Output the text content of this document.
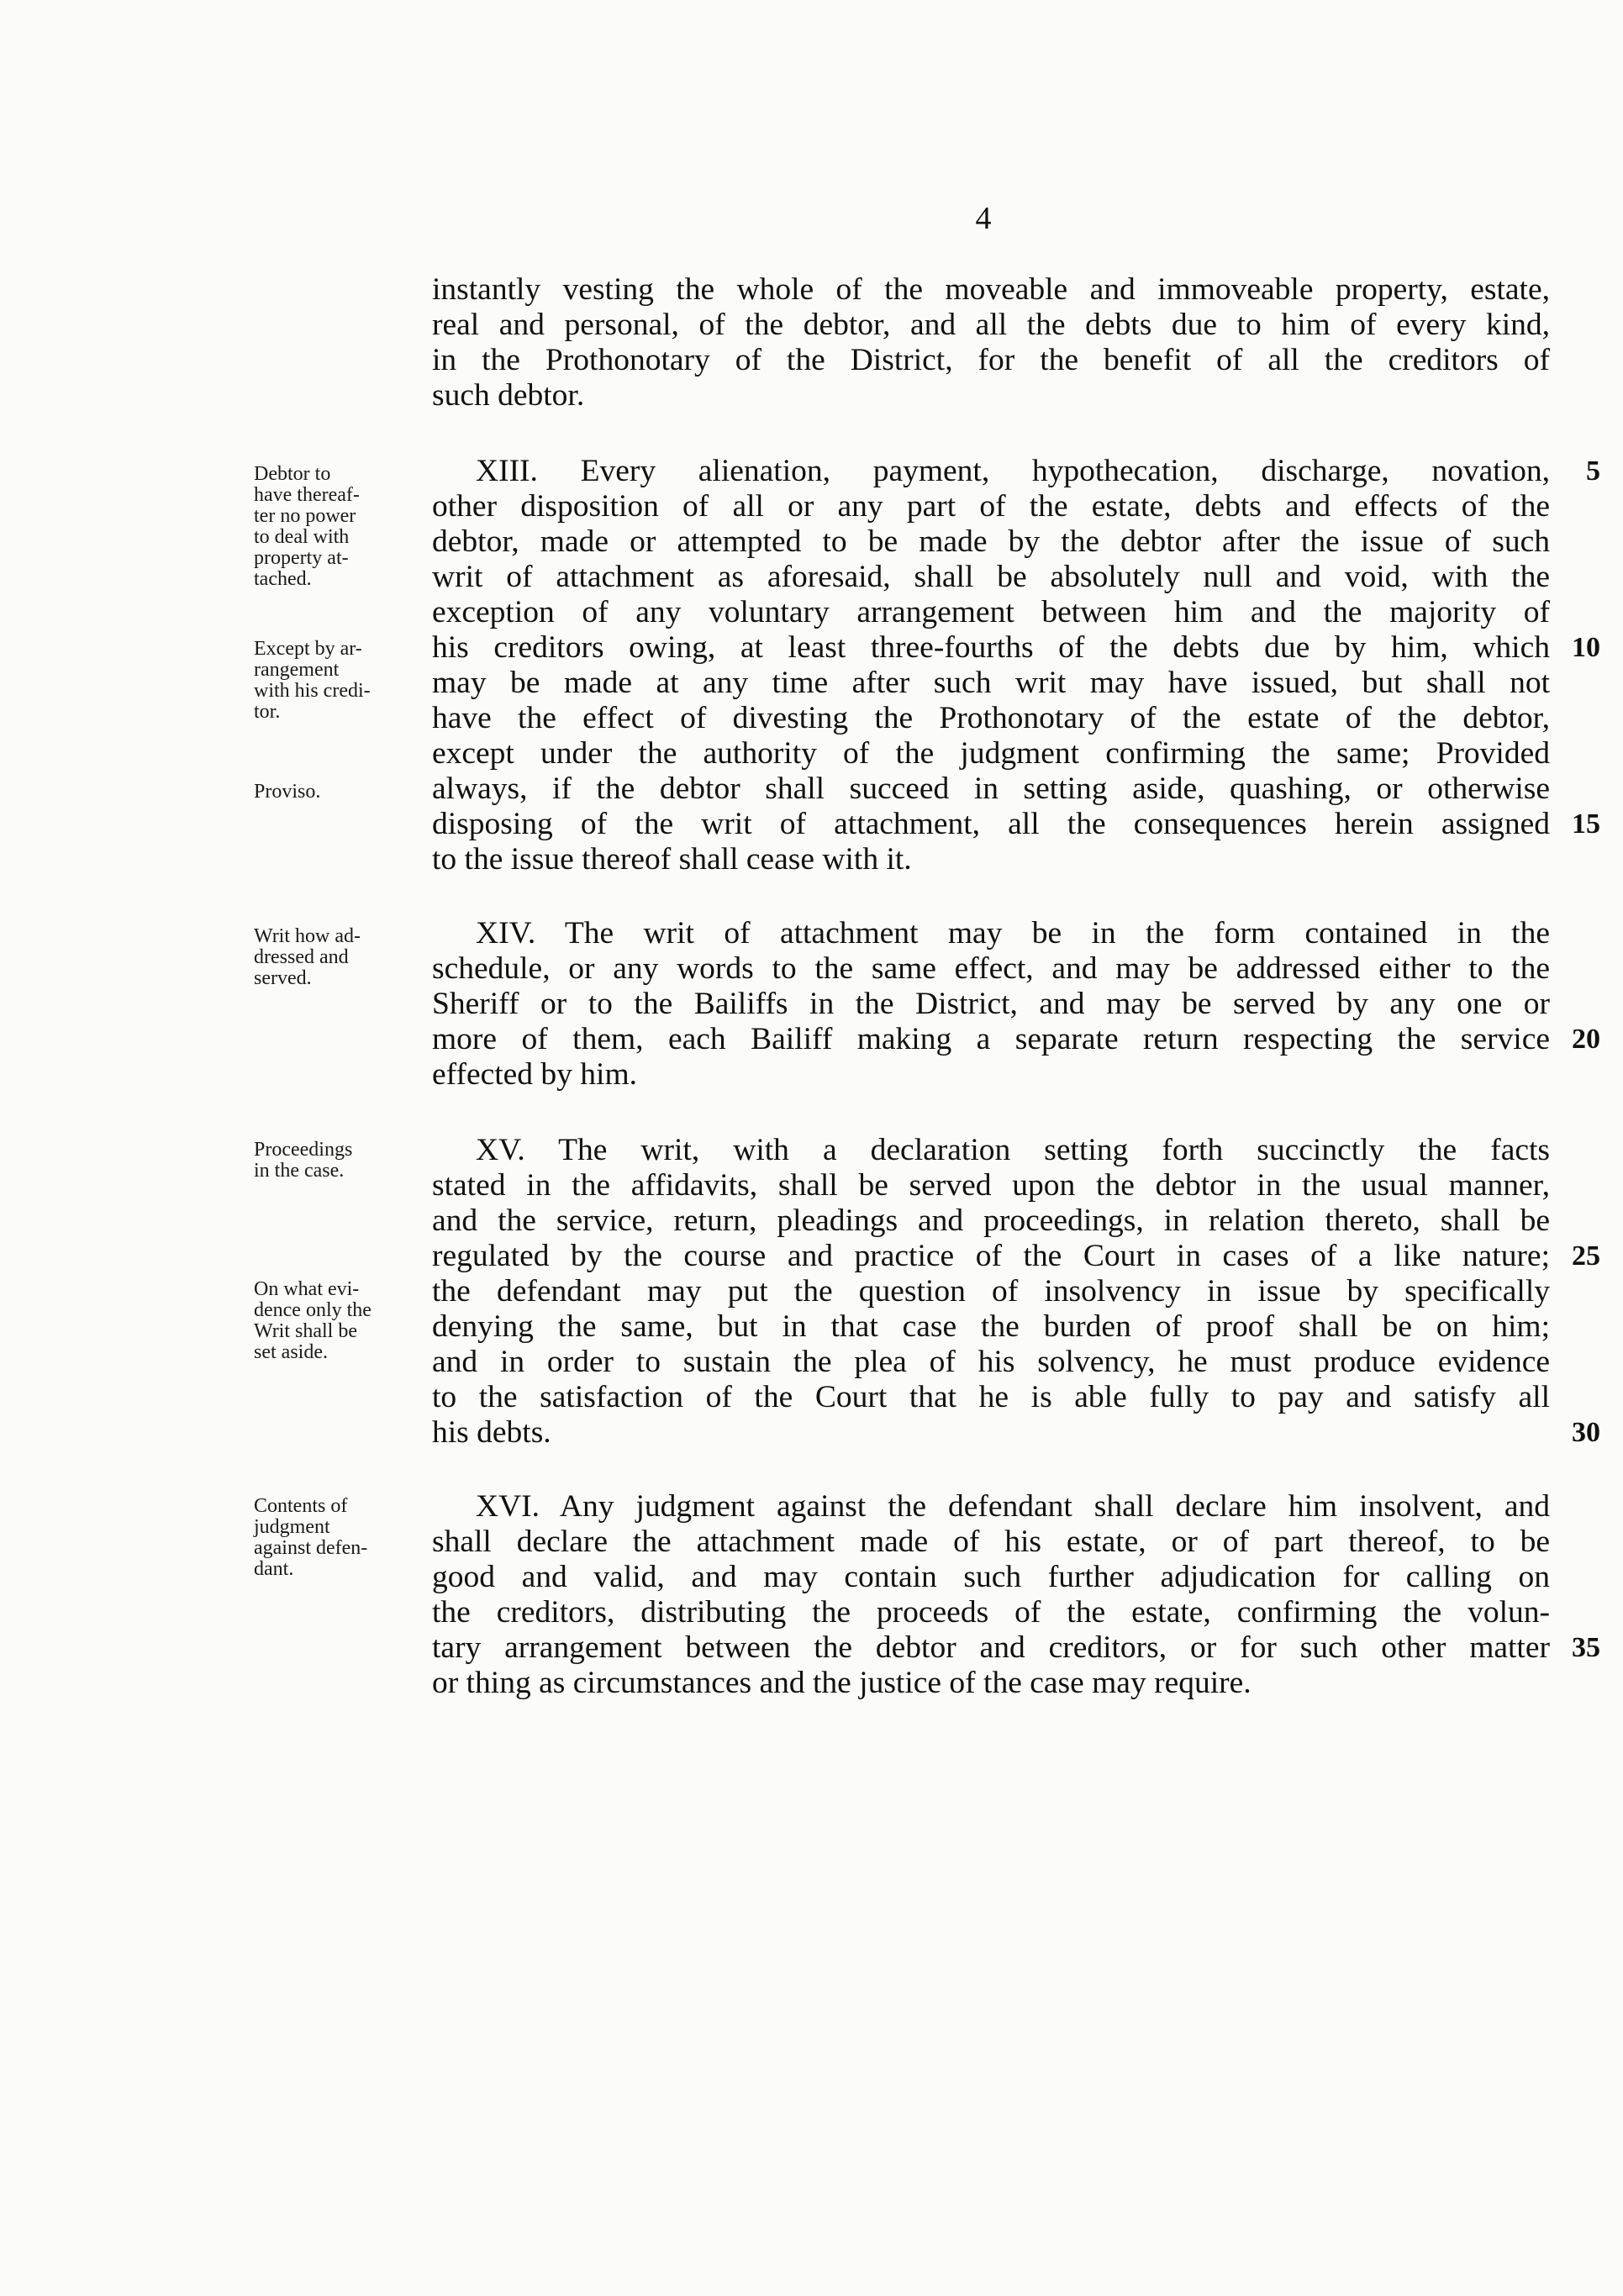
4
instantly vesting the whole of the moveable and immoveable property, estate,
real and personal, of the debtor, and all the debts due to him of every kind,
in the Prothonotary of the District, for the benefit of all the creditors of
such debtor.
XIII. Every alienation, payment, hypothecation, discharge, novation,
other disposition of all or any part of the estate, debts and effects of the
debtor, made or attempted to be made by the debtor after the issue of such
writ of attachment as aforesaid, shall be absolutely null and void, with the
exception of any voluntary arrangement between him and the majority of
his creditors owing, at least three-fourths of the debts due by him, which
may be made at any time after such writ may have issued, but shall not
have the effect of divesting the Prothonotary of the estate of the debtor,
except under the authority of the judgment confirming the same; Provided
always, if the debtor shall succeed in setting aside, quashing, or otherwise
disposing of the writ of attachment, all the consequences herein assigned
to the issue thereof shall cease with it.
XIV. The writ of attachment may be in the form contained in the
schedule, or any words to the same effect, and may be addressed either to the
Sheriff or to the Bailiffs in the District, and may be served by any one or
more of them, each Bailiff making a separate return respecting the service
effected by him.
XV. The writ, with a declaration setting forth succinctly the facts
stated in the affidavits, shall be served upon the debtor in the usual manner,
and the service, return, pleadings and proceedings, in relation thereto, shall be
regulated by the course and practice of the Court in cases of a like nature;
the defendant may put the question of insolvency in issue by specifically
denying the same, but in that case the burden of proof shall be on him;
and in order to sustain the plea of his solvency, he must produce evidence
to the satisfaction of the Court that he is able fully to pay and satisfy all
his debts.
XVI. Any judgment against the defendant shall declare him insolvent, and
shall declare the attachment made of his estate, or of part thereof, to be
good and valid, and may contain such further adjudication for calling on
the creditors, distributing the proceeds of the estate, confirming the volun-
tary arrangement between the debtor and creditors, or for such other matter
or thing as circumstances and the justice of the case may require.
5
10
15
20
25
30
35
Debtor to
have thereaf-
ter no power
to deal with
property at-
tached.
Except by ar-
rangement
with his credi-
tor.
Proviso.
Writ how ad-
dressed and
served.
Proceedings
in the case.
On what evi-
dence only the
Writ shall be
set aside.
Contents of
judgment
against defen-
dant.
